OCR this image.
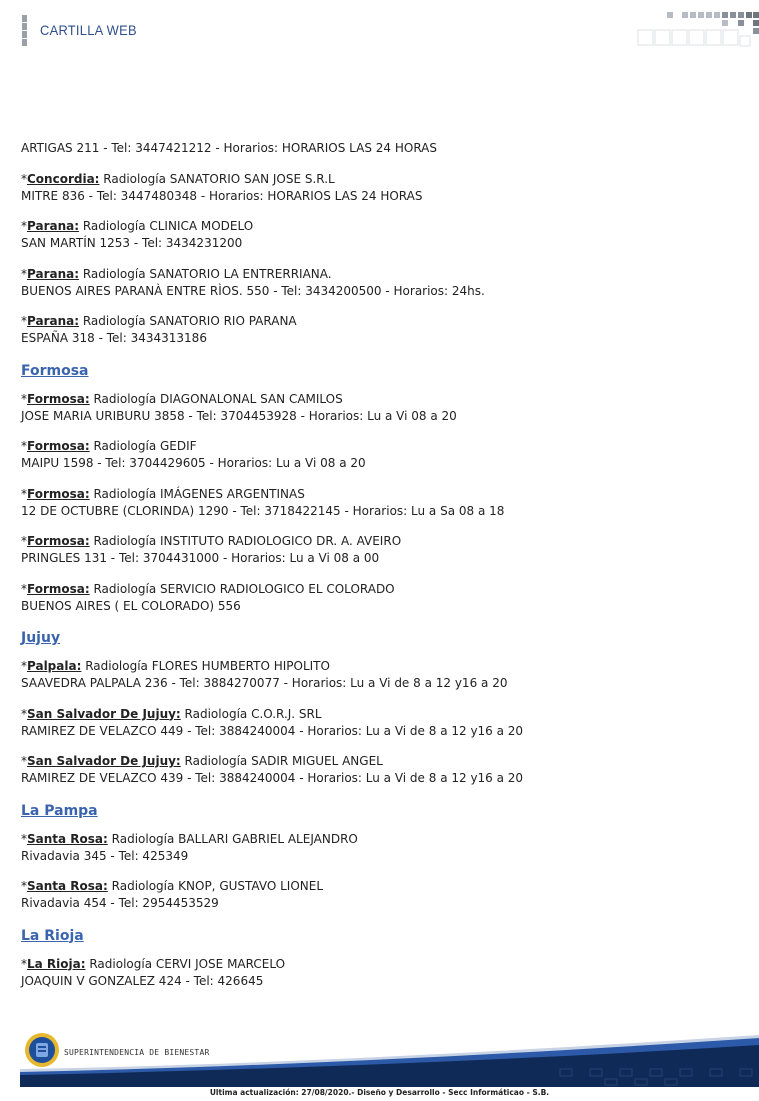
CARTILLA WEB
ARTIGAS 211 - Tel: 3447421212 - Horarios: HORARIOS LAS 24 HORAS
*Concordia: Radiología SANATORIO SAN JOSE S.R.L
MITRE 836 - Tel: 3447480348 - Horarios: HORARIOS LAS 24 HORAS
*Parana: Radiología CLINICA MODELO
SAN MARTÍN 1253 - Tel: 3434231200
*Parana: Radiología SANATORIO LA ENTRERRIANA.
BUENOS AIRES PARANÀ ENTRE RÌOS. 550 - Tel: 3434200500 - Horarios: 24hs.
*Parana: Radiología SANATORIO RIO PARANA
ESPAÑA 318 - Tel: 3434313186
Formosa
*Formosa: Radiología DIAGONALONAL SAN CAMILOS
JOSE MARIA URIBURU 3858 - Tel: 3704453928 - Horarios: Lu a Vi 08 a 20
*Formosa: Radiología GEDIF
MAIPU 1598 - Tel: 3704429605 - Horarios: Lu a Vi 08 a 20
*Formosa: Radiología IMÁGENES ARGENTINAS
12 DE OCTUBRE (CLORINDA) 1290 - Tel: 3718422145 - Horarios: Lu a Sa 08 a 18
*Formosa: Radiología INSTITUTO RADIOLOGICO DR. A. AVEIRO
PRINGLES 131 - Tel: 3704431000 - Horarios: Lu a Vi 08 a 00
*Formosa: Radiología SERVICIO RADIOLOGICO EL COLORADO
BUENOS AIRES ( EL COLORADO) 556
Jujuy
*Palpala: Radiología FLORES HUMBERTO HIPOLITO
SAAVEDRA PALPALA 236 - Tel: 3884270077 - Horarios: Lu a Vi de 8 a 12 y16 a 20
*San Salvador De Jujuy: Radiología C.O.R.J. SRL
RAMIREZ DE VELAZCO 449 - Tel: 3884240004 - Horarios: Lu a Vi de 8 a 12 y16 a 20
*San Salvador De Jujuy: Radiología SADIR MIGUEL ANGEL
RAMIREZ DE VELAZCO 439 - Tel: 3884240004 - Horarios: Lu a Vi de 8 a 12 y16 a 20
La Pampa
*Santa Rosa: Radiología BALLARI GABRIEL ALEJANDRO
Rivadavia 345 - Tel: 425349
*Santa Rosa: Radiología KNOP, GUSTAVO LIONEL
Rivadavia 454 - Tel: 2954453529
La Rioja
*La Rioja: Radiología CERVI JOSE MARCELO
JOAQUIN V GONZALEZ 424 - Tel: 426645
SUPERINTENDENCIA DE BIENESTAR
Ultima actualización: 27/08/2020.- Diseño y Desarrollo - Secc Informáticao - S.B.
